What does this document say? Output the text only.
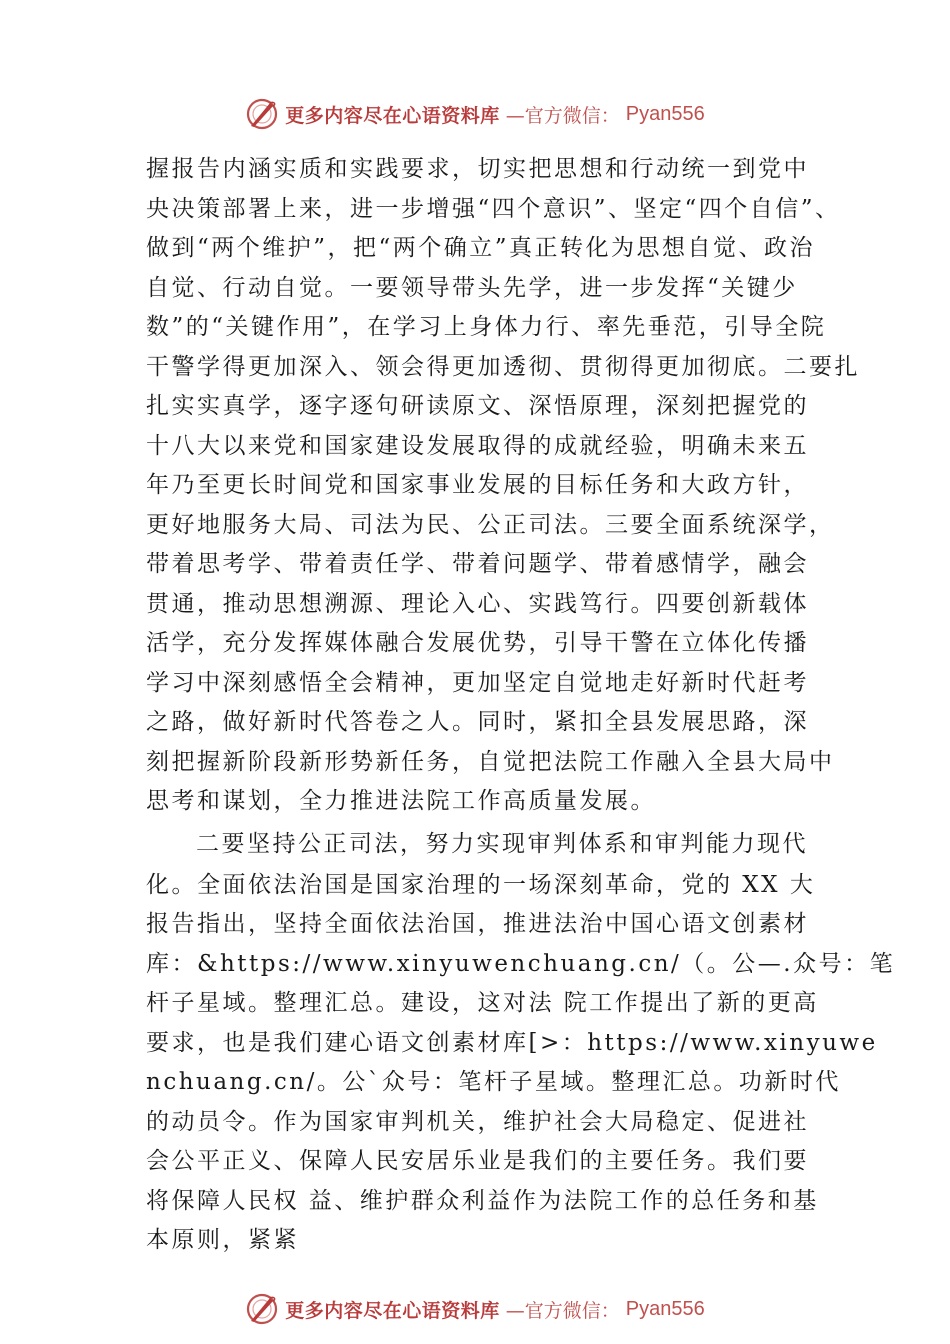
更多内容尽在心语资料库 —官方微信： Pyan556
握报告内涵实质和实践要求，切实把思想和行动统一到党中
央决策部署上来，进一步增强“四个意识”、坚定“四个自信”、
做到“两个维护”，把“两个确立”真正转化为思想自觉、政治
自觉、行动自觉。一要领导带头先学，进一步发挥“关键少
数”的“关键作用”，在学习上身体力行、率先垂范，引导全院
干警学得更加深入、领会得更加透彻、贯彻得更加彻底。二要扎
扎实实真学，逐字逐句研读原文、深悟原理，深刻把握党的
十八大以来党和国家建设发展取得的成就经验，明确未来五
年乃至更长时间党和国家事业发展的目标任务和大政方针，
更好地服务大局、司法为民、公正司法。三要全面系统深学，
带着思考学、带着责任学、带着问题学、带着感情学，融会
贯通，推动思想溯源、理论入心、实践笃行。四要创新载体
活学，充分发挥媒体融合发展优势，引导干警在立体化传播
学习中深刻感悟全会精神，更加坚定自觉地走好新时代赶考
之路，做好新时代答卷之人。同时，紧扣全县发展思路，深
刻把握新阶段新形势新任务，自觉把法院工作融入全县大局中
思考和谋划，全力推进法院工作高质量发展。
二要坚持公正司法，努力实现审判体系和审判能力现代
化。全面依法治国是国家治理的一场深刻革命，党的 XX 大
报告指出，坚持全面依法治国，推进法治中国心语文创素材
库：&https://www.xinyuwenchuang.cn/（。公—.众号：笔
杆子星域。整理汇总。建设，这对法 院工作提出了新的更高
要求，也是我们建心语文创素材库[>：https://www.xinyuwe
nchuang.cn/。公`众号：笔杆子星域。整理汇总。功新时代
的动员令。作为国家审判机关，维护社会大局稳定、促进社
会公平正义、保障人民安居乐业是我们的主要任务。我们要
将保障人民权 益、维护群众利益作为法院工作的总任务和基
本原则，紧紧
更多内容尽在心语资料库 —官方微信： Pyan556
